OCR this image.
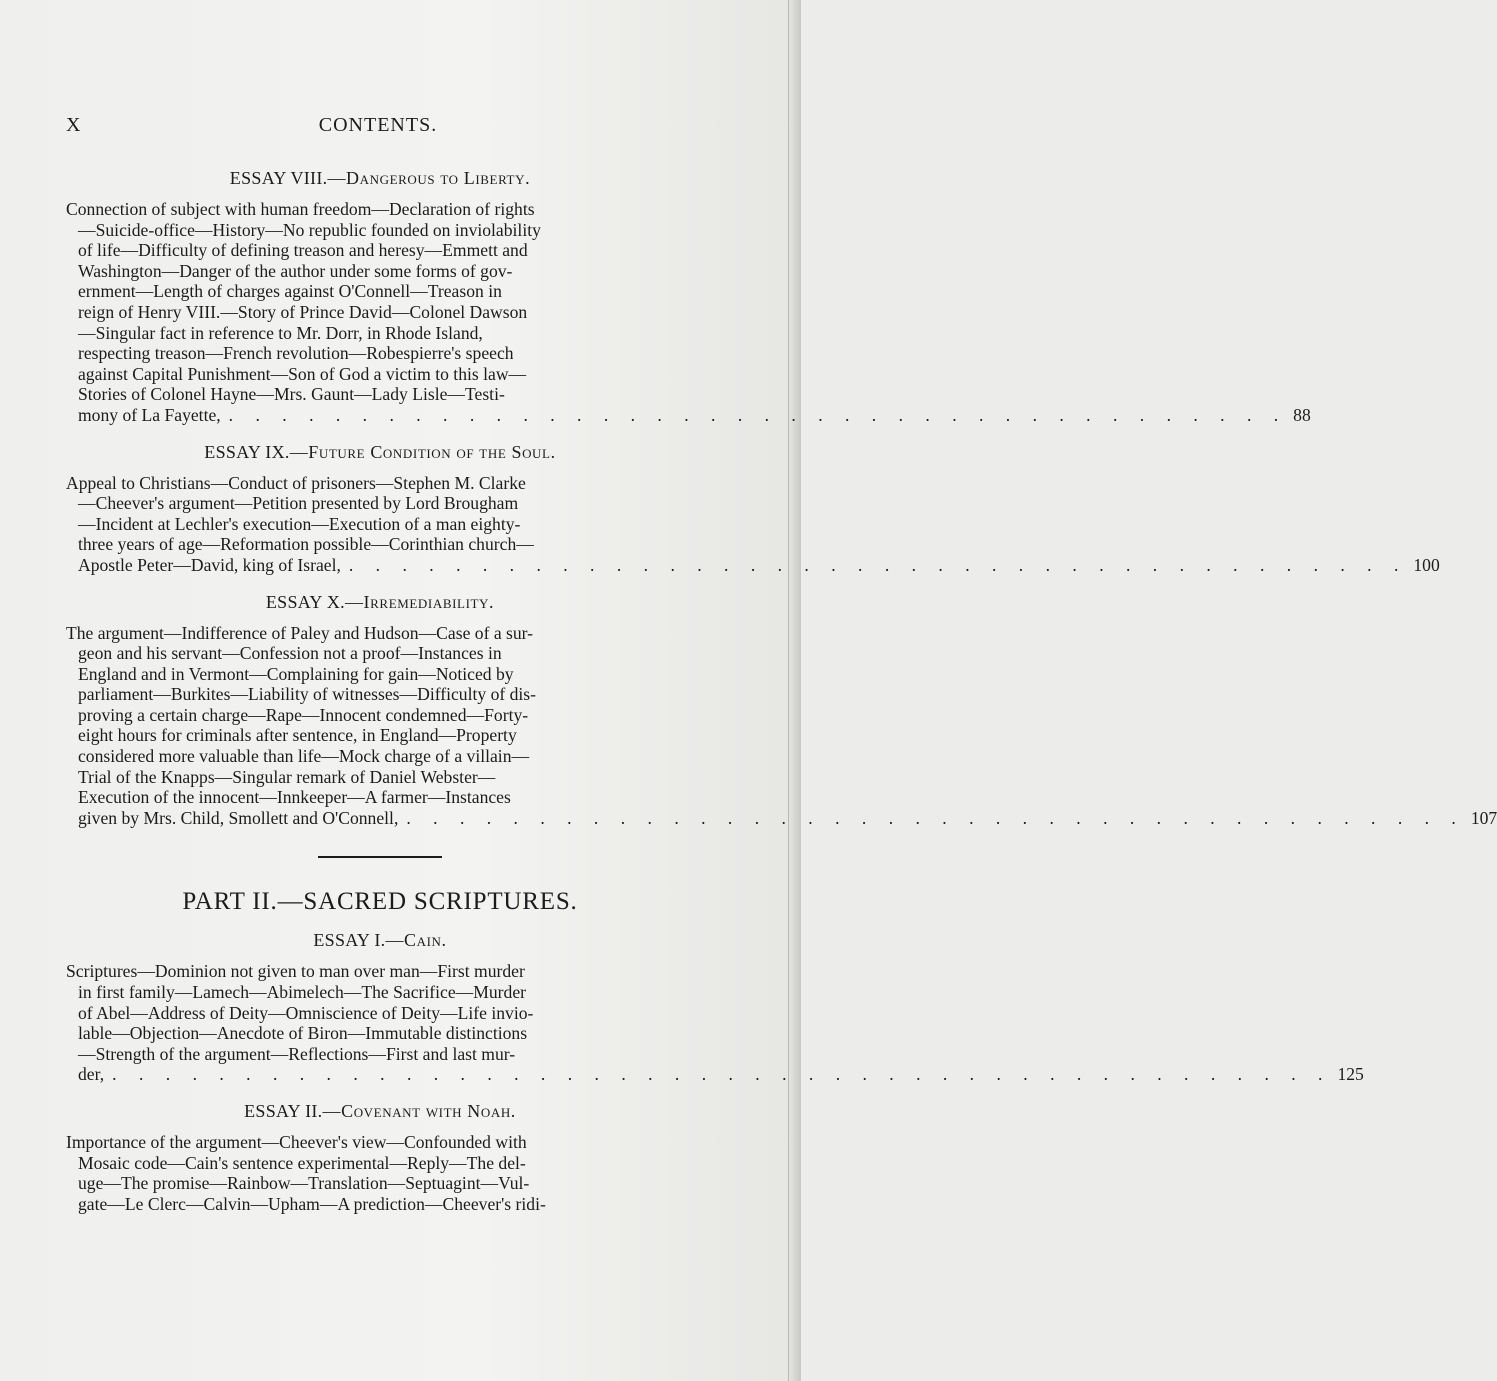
X	CONTENTS.
ESSAY VIII.—Dangerous to Liberty.
Connection of subject with human freedom—Declaration of rights
—Suicide-office—History—No republic founded on inviolability
of life—Difficulty of defining treason and heresy—Emmett and
Washington—Danger of the author under some forms of gov-
ernment—Length of charges against O'Connell—Treason in
reign of Henry VIII.—Story of Prince David—Colonel Dawson
—Singular fact in reference to Mr. Dorr, in Rhode Island,
respecting treason—French revolution—Robespierre's speech
against Capital Punishment—Son of God a victim to this law—
Stories of Colonel Hayne—Mrs. Gaunt—Lady Lisle—Testi-
mony of La Fayette, . . . . . . . . . . . . . . . . . . . . . . . . . . . . . . . . . . . . . . . . 88
ESSAY IX.—Future Condition of the Soul.
Appeal to Christians—Conduct of prisoners—Stephen M. Clarke
—Cheever's argument—Petition presented by Lord Brougham
—Incident at Lechler's execution—Execution of a man eighty-
three years of age—Reformation possible—Corinthian church—
Apostle Peter—David, king of Israel, . . . . . . . . . . . . . . . . . . . . . . . . . . . . . . . . . . . . . . . . 100
ESSAY X.—Irremediability.
The argument—Indifference of Paley and Hudson—Case of a sur-
geon and his servant—Confession not a proof—Instances in
England and in Vermont—Complaining for gain—Noticed by
parliament—Burkites—Liability of witnesses—Difficulty of dis-
proving a certain charge—Rape—Innocent condemned—Forty-
eight hours for criminals after sentence, in England—Property
considered more valuable than life—Mock charge of a villain—
Trial of the Knapps—Singular remark of Daniel Webster—
Execution of the innocent—Innkeeper—A farmer—Instances
given by Mrs. Child, Smollett and O'Connell, . . . . . . . . . . . . . . . . . . . . . . . . . . . . . . . . . . . . . . . . 107
PART II.—SACRED SCRIPTURES.
ESSAY I.—Cain.
Scriptures—Dominion not given to man over man—First murder
in first family—Lamech—Abimelech—The Sacrifice—Murder
of Abel—Address of Deity—Omniscience of Deity—Life invio-
lable—Objection—Anecdote of Biron—Immutable distinctions
—Strength of the argument—Reflections—First and last mur-
der, . . . . . . . . . . . . . . . . . . . . . . . . . . . . . . . . . . . . . . . . . . . . . . 125
ESSAY II.—Covenant with Noah.
Importance of the argument—Cheever's view—Confounded with
Mosaic code—Cain's sentence experimental—Reply—The del-
uge—The promise—Rainbow—Translation—Septuagint—Vul-
gate—Le Clerc—Calvin—Upham—A prediction—Cheever's ridi-
